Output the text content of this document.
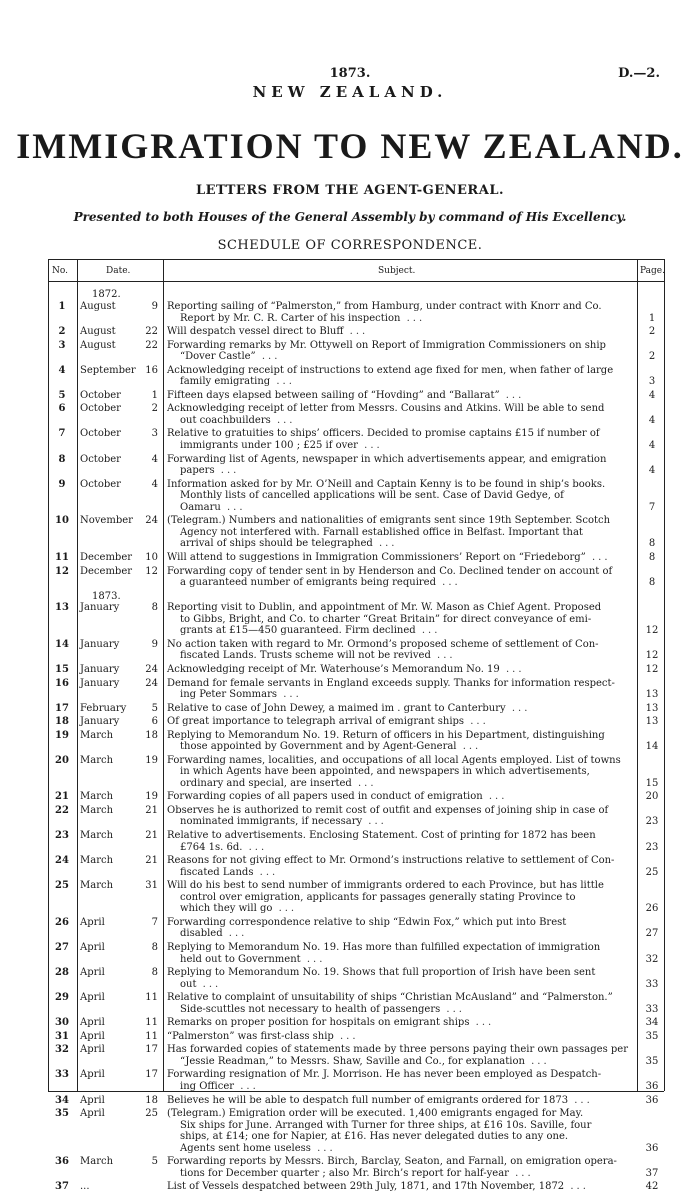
1873.	D.—2.
NEW ZEALAND.
IMMIGRATION TO NEW ZEALAND.
LETTERS FROM THE AGENT-GENERAL.
Presented to both Houses of the General Assembly by command of His Excellency.
SCHEDULE OF CORRESPONDENCE.
No.	Date.	Subject.	Page.
1872.
1	August	9 Reporting sailing of “Palmerston,” from Hamburg, under contract with Knorr and Co.
Report by Mr. C. R. Carter of his inspection ...	1
2	August	22 Will despatch vessel direct to Bluff ...	2
3	August	22 Forwarding remarks by Mr. Ottywell on Report of Immigration Commissioners on ship
“Dover Castle” ...	2
4	September 16 Acknowledging receipt of instructions to extend age fixed for men, when father of large
family emigrating ...	3
5	October	1 Fifteen days elapsed between sailing of “Hovding” and “Ballarat” ...	4
6	October	2 Acknowledging receipt of letter from Messrs. Cousins and Atkins. Will be able to send
out coachbuilders ...	4
7	October	3 Relative to gratuities to ships’ officers. Decided to promise captains £15 if number of
immigrants under 100 ; £25 if over ...	4
8	October	4 Forwarding list of Agents, newspaper in which advertisements appear, and emigration
papers ...	4
9	October	4 Information asked for by Mr. O’Neill and Captain Kenny is to be found in ship’s books.
Monthly lists of cancelled applications will be sent. Case of David Gedye, of
Oamaru ...	7
10	November	24 (Telegram.) Numbers and nationalities of emigrants sent since 19th September. Scotch
Agency not interfered with. Farnall established office in Belfast. Important that
arrival of ships should be telegraphed ...	8
11	December	10 Will attend to suggestions in Immigration Commissioners’ Report on “Friedeborg” ...	8
12	December	12 Forwarding copy of tender sent in by Henderson and Co. Declined tender on account of
a guaranteed number of emigrants being required ...	8
1873.
13	January	8 Reporting visit to Dublin, and appointment of Mr. W. Mason as Chief Agent. Proposed
to Gibbs, Bright, and Co. to charter “Great Britain” for direct conveyance of emi-
grants at £15—450 guaranteed. Firm declined ...	12
14	January	9 No action taken with regard to Mr. Ormond’s proposed scheme of settlement of Con-
fiscated Lands. Trusts scheme will not be revived ...	12
15	January	24 Acknowledging receipt of Mr. Waterhouse’s Memorandum No. 19 ...	12
16	January	24 Demand for female servants in England exceeds supply. Thanks for information respect-
ing Peter Sommars ...	13
17	February	5 Relative to case of John Dewey, a maimed im . grant to Canterbury ...	13
18	January	6 Of great importance to telegraph arrival of emigrant ships ...	13
19	March	18 Replying to Memorandum No. 19. Return of officers in his Department, distinguishing
those appointed by Government and by Agent-General ...	14
20	March	19 Forwarding names, localities, and occupations of all local Agents employed. List of towns
in which Agents have been appointed, and newspapers in which advertisements,
ordinary and special, are inserted ...	15
21	March	19 Forwarding copies of all papers used in conduct of emigration ...	20
22	March	21 Observes he is authorized to remit cost of outfit and expenses of joining ship in case of
nominated immigrants, if necessary ...	23
23	March	21 Relative to advertisements. Enclosing Statement. Cost of printing for 1872 has been
£764 1s. 6d. ...	23
24	March	21 Reasons for not giving effect to Mr. Ormond’s instructions relative to settlement of Con-
fiscated Lands ...	25
25	March	31 Will do his best to send number of immigrants ordered to each Province, but has little
control over emigration, applicants for passages generally stating Province to
which they will go ...	26
26	April	7 Forwarding correspondence relative to ship “Edwin Fox,” which put into Brest
disabled ...	27
27	April	8 Replying to Memorandum No. 19. Has more than fulfilled expectation of immigration
held out to Government ...	32
28	April	8 Replying to Memorandum No. 19. Shows that full proportion of Irish have been sent
out ...	33
29	April	11 Relative to complaint of unsuitability of ships “Christian McAusland” and “Palmerston.”
Side-scuttles not necessary to health of passengers ...	33
30	April	11 Remarks on proper position for hospitals on emigrant ships ...	34
31	April	11 “Palmerston” was first-class ship ...	35
32	April	17 Has forwarded copies of statements made by three persons paying their own passages per
“Jessie Readman,” to Messrs. Shaw, Saville and Co., for explanation ...	35
33	April	17 Forwarding resignation of Mr. J. Morrison. He has never been employed as Despatch-
ing Officer ...	36
34	April	18 Believes he will be able to despatch full number of emigrants ordered for 1873 ...	36
35	April	25 (Telegram.) Emigration order will be executed. 1,400 emigrants engaged for May.
Six ships for June. Arranged with Turner for three ships, at £16 10s. Saville, four
ships, at £14; one for Napier, at £16. Has never delegated duties to any one.
Agents sent home useless ...	36
36	March	5 Forwarding reports by Messrs. Birch, Barclay, Seaton, and Farnall, on emigration opera-
tions for December quarter ; also Mr. Birch’s report for half-year ...	37
37	...	List of Vessels despatched between 29th July, 1871, and 17th November, 1872 ...	42
